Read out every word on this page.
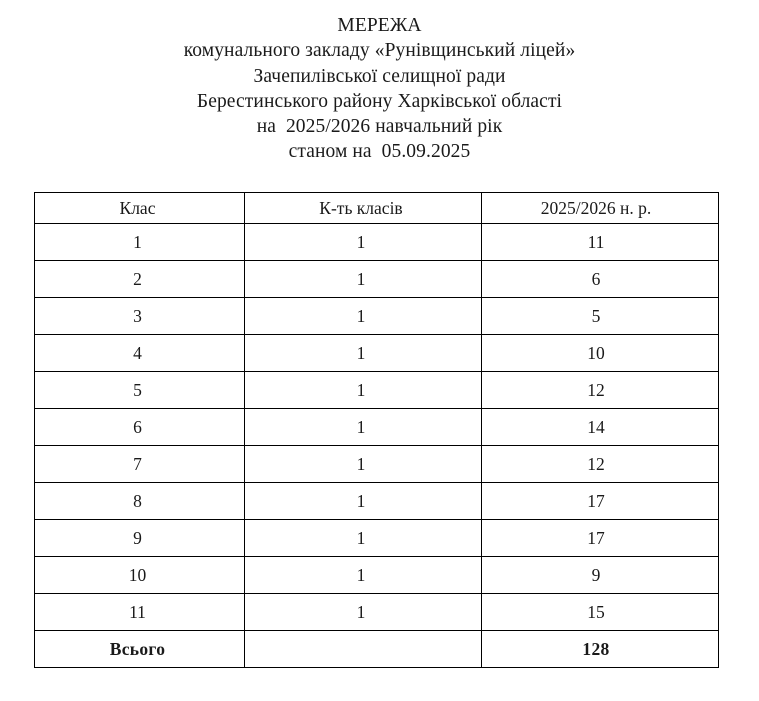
МЕРЕЖА
комунального закладу «Рунівщинський ліцей»
Зачепилівської селищної ради
Берестинського району Харківської області
на  2025/2026 навчальний рік
станом на  05.09.2025
Клас	К-ть класів	2025/2026 н. р.

1	1	11

2	1	6

3	1	5

4	1	10

5	1	12

6	1	14

7	1	12

8	1	17

9	1	17

10	1	9

11	1	15

Всього		128
